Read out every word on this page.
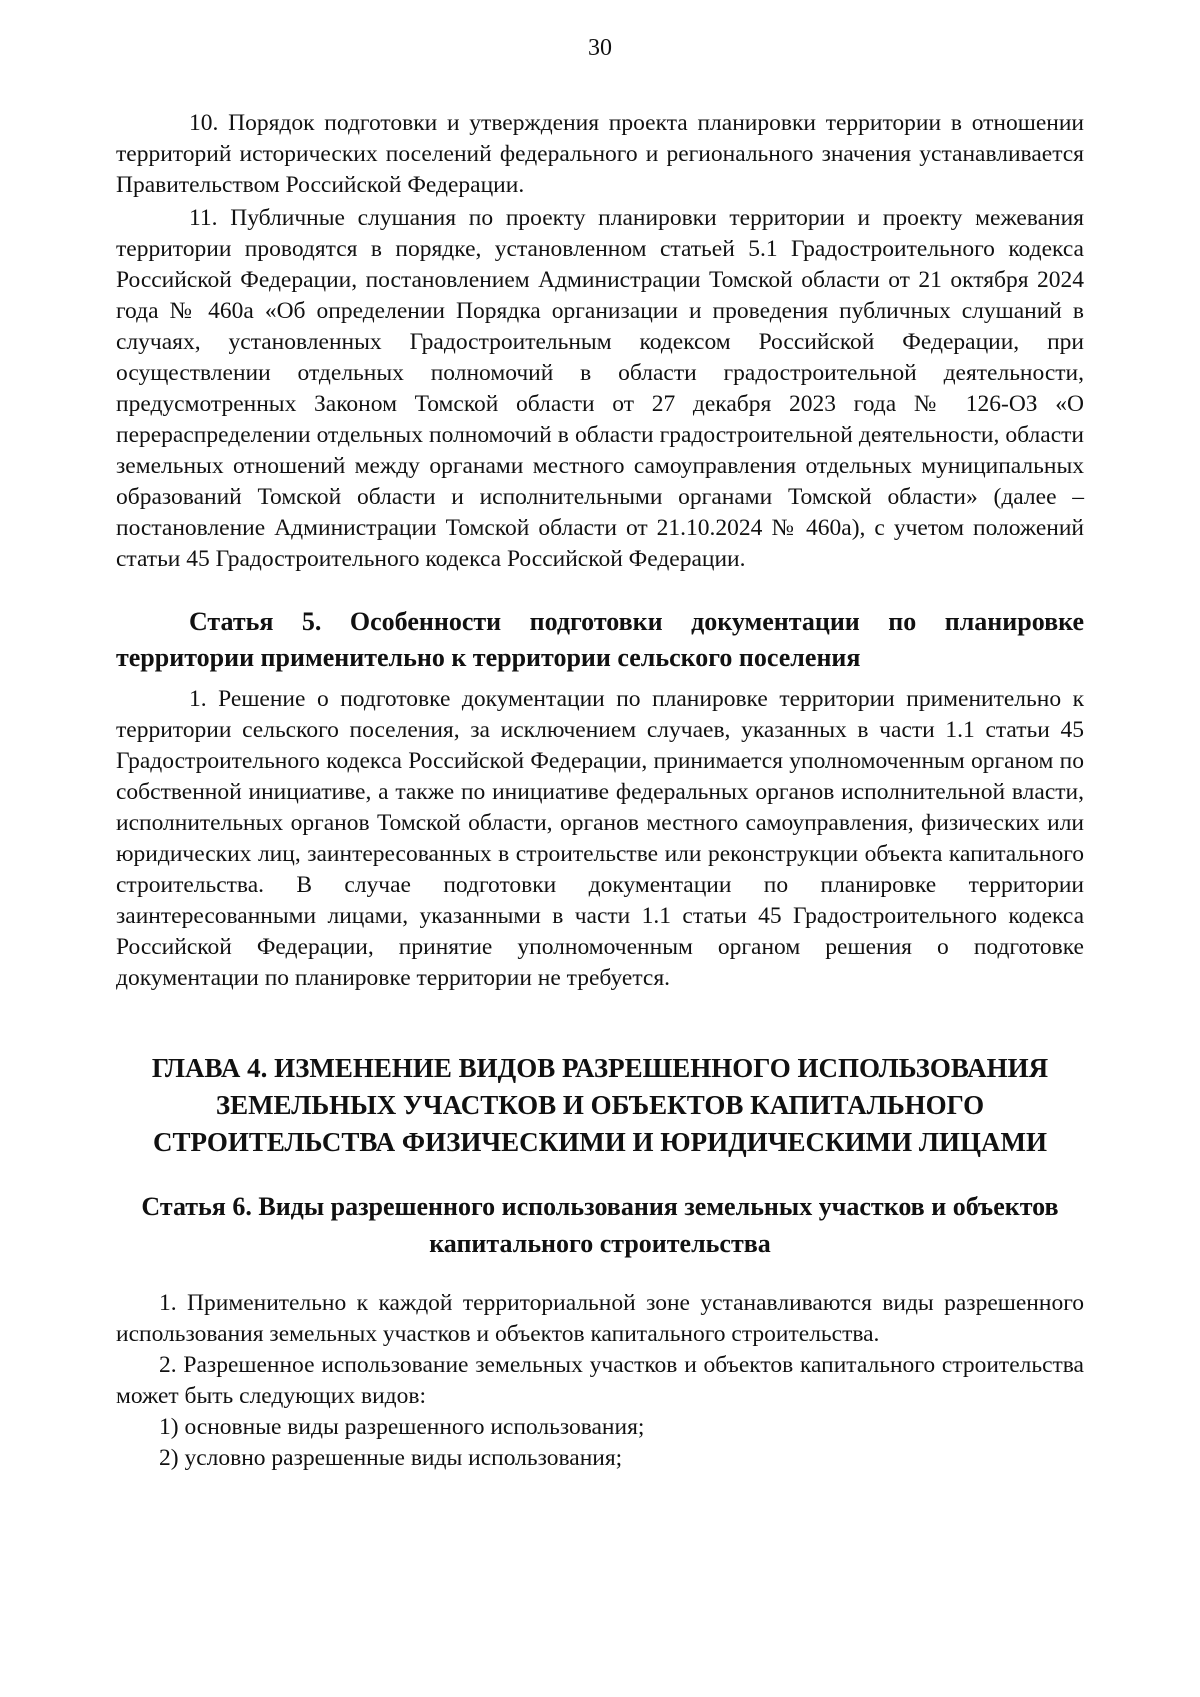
30

10. Порядок подготовки и утверждения проекта планировки территории в отношении территорий исторических поселений федерального и регионального значения устанавливается Правительством Российской Федерации.

11. Публичные слушания по проекту планировки территории и проекту межевания территории проводятся в порядке, установленном статьей 5.1 Градостроительного кодекса Российской Федерации, постановлением Администрации Томской области от 21 октября 2024 года № 460а «Об определении Порядка организации и проведения публичных слушаний в случаях, установленных Градостроительным кодексом Российской Федерации, при осуществлении отдельных полномочий в области градостроительной деятельности, предусмотренных Законом Томской области от 27 декабря 2023 года № 126-ОЗ «О перераспределении отдельных полномочий в области градостроительной деятельности, области земельных отношений между органами местного самоуправления отдельных муниципальных образований Томской области и исполнительными органами Томской области» (далее – постановление Администрации Томской области от 21.10.2024 № 460а), с учетом положений статьи 45 Градостроительного кодекса Российской Федерации.

Статья 5. Особенности подготовки документации по планировке территории применительно к территории сельского поселения

1. Решение о подготовке документации по планировке территории применительно к территории сельского поселения, за исключением случаев, указанных в части 1.1 статьи 45 Градостроительного кодекса Российской Федерации, принимается уполномоченным органом по собственной инициативе, а также по инициативе федеральных органов исполнительной власти, исполнительных органов Томской области, органов местного самоуправления, физических или юридических лиц, заинтересованных в строительстве или реконструкции объекта капитального строительства. В случае подготовки документации по планировке территории заинтересованными лицами, указанными в части 1.1 статьи 45 Градостроительного кодекса Российской Федерации, принятие уполномоченным органом решения о подготовке документации по планировке территории не требуется.

ГЛАВА 4. ИЗМЕНЕНИЕ ВИДОВ РАЗРЕШЕННОГО ИСПОЛЬЗОВАНИЯ
ЗЕМЕЛЬНЫХ УЧАСТКОВ И ОБЪЕКТОВ КАПИТАЛЬНОГО
СТРОИТЕЛЬСТВА ФИЗИЧЕСКИМИ И ЮРИДИЧЕСКИМИ ЛИЦАМИ
Статья 6. Виды разрешенного использования земельных участков и объектов
капитального строительства

1. Применительно к каждой территориальной зоне устанавливаются виды разрешенного использования земельных участков и объектов капитального строительства.

2. Разрешенное использование земельных участков и объектов капитального строительства может быть следующих видов:

1) основные виды разрешенного использования;

2) условно разрешенные виды использования;
